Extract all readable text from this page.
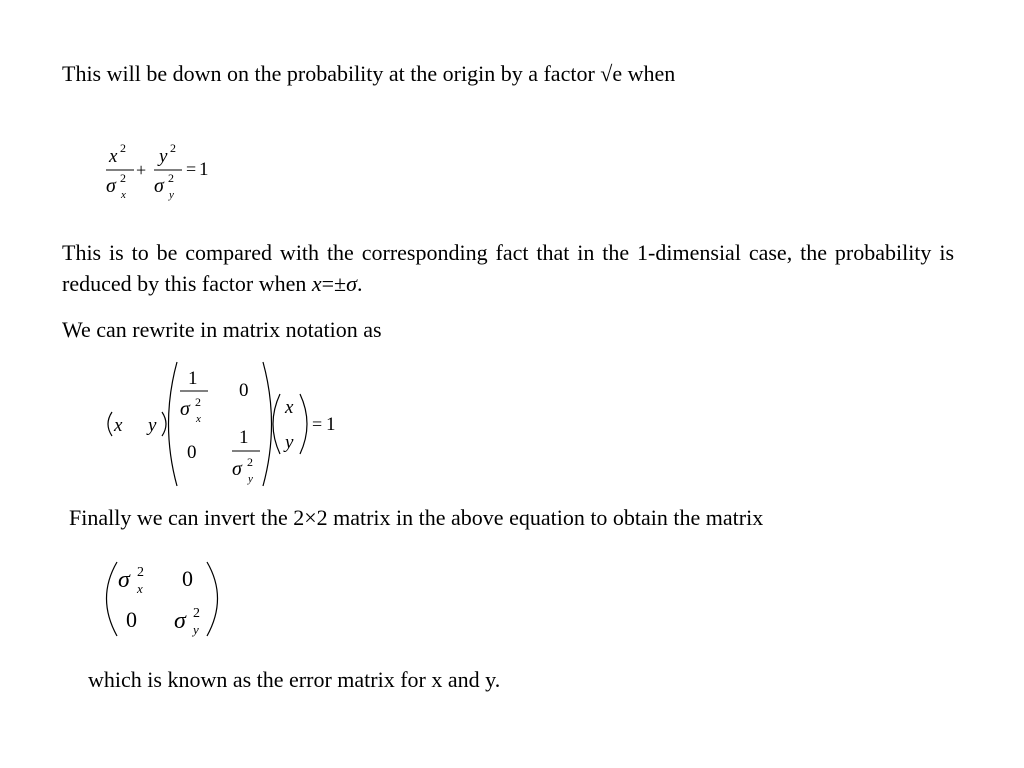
This will be down on the probability at the origin by a factor √e when

x 2
σ 2
x
+
y 2
σ 2
y
= 1
x y
1
σ 2
x
0
0
1
σ 2
y
x
y
= 1
σ 2
x 0
0 σ 2
y

This is to be compared with the corresponding fact that in the 1-dimensial case, the probability is reduced by this factor when x=±σ.

We can rewrite in matrix notation as

Finally we can invert the 2×2 matrix in the above equation to obtain the matrix

which is known as the error matrix for x and y.
